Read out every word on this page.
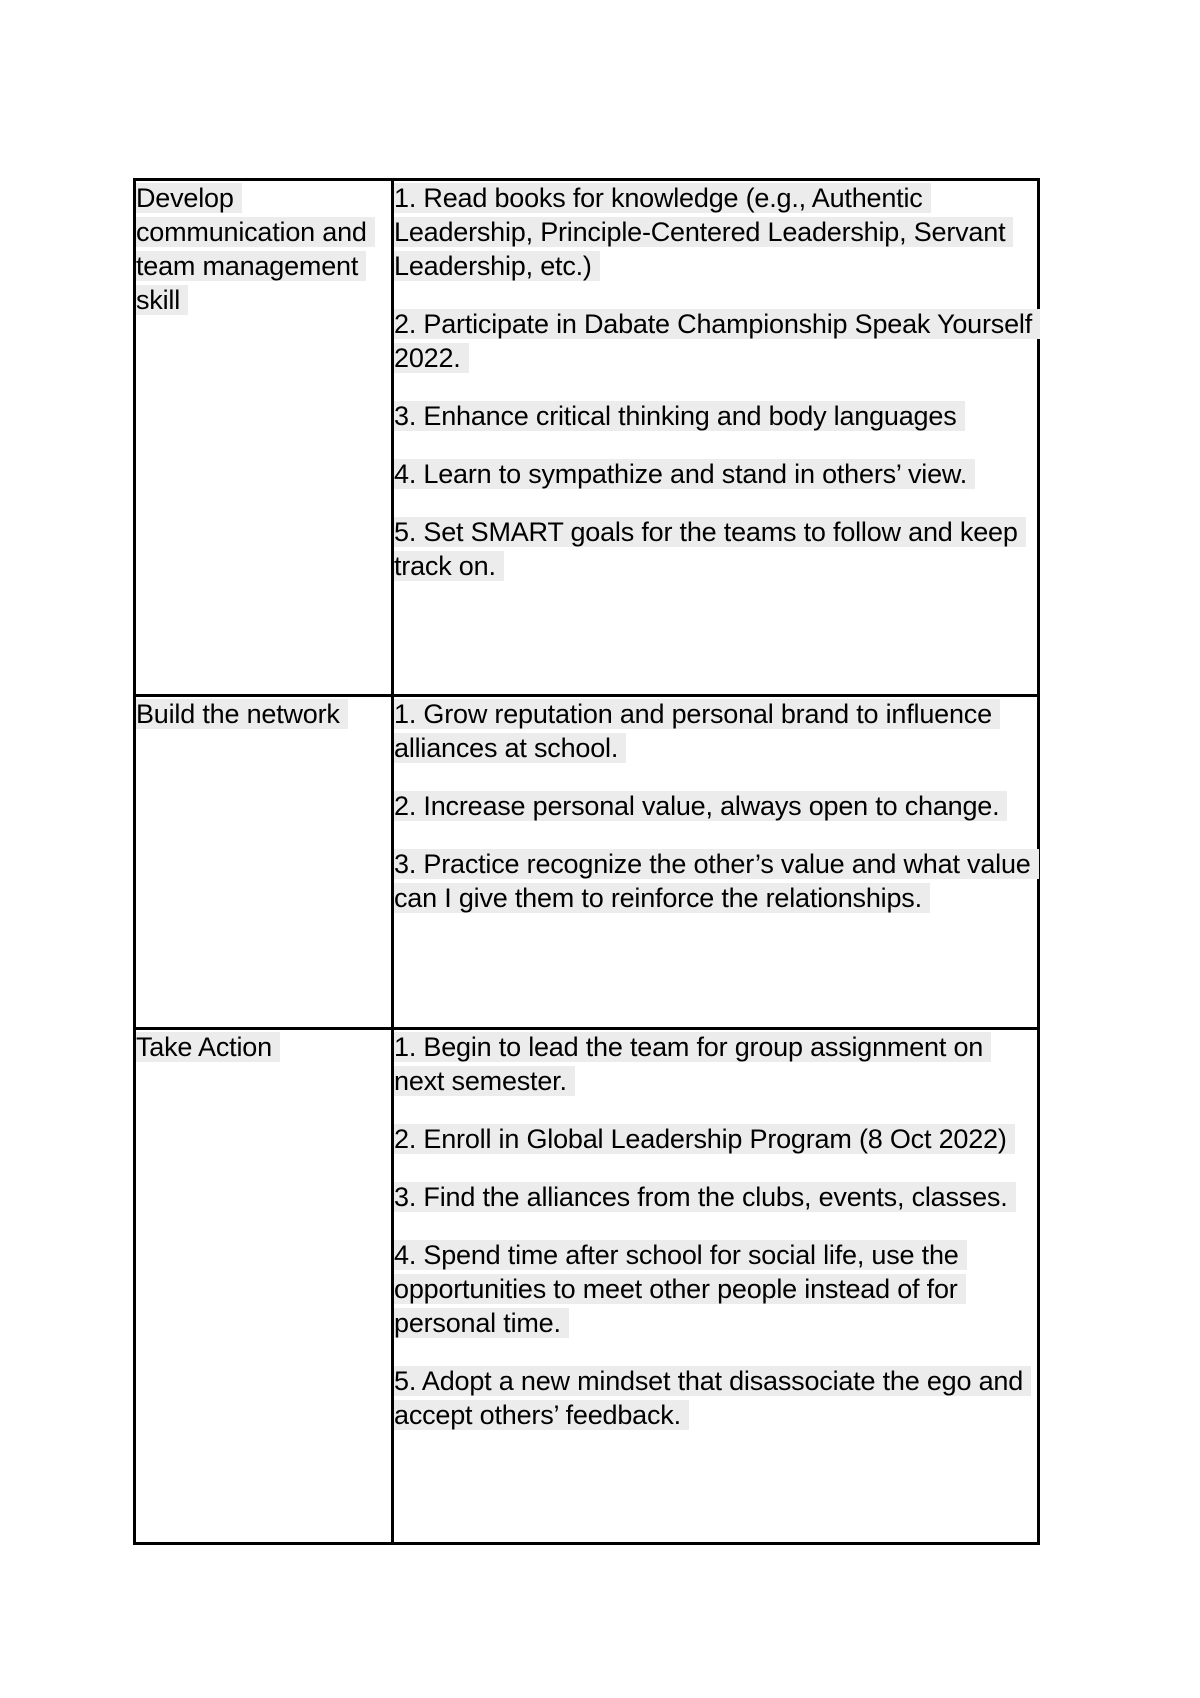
Develop communication and team management skill	1. Read books for knowledge (e.g., Authentic Leadership, Principle-Centered Leadership, Servant Leadership, etc.)

2. Participate in Dabate Championship Speak Yourself 2022.

3. Enhance critical thinking and body languages

4. Learn to sympathize and stand in others’ view.

5. Set SMART goals for the teams to follow and keep track on.

Build the network	1. Grow reputation and personal brand to influence alliances at school.

2. Increase personal value, always open to change.

3. Practice recognize the other’s value and what value can I give them to reinforce the relationships.

Take Action	1. Begin to lead the team for group assignment on next semester.

2. Enroll in Global Leadership Program (8 Oct 2022)

3. Find the alliances from the clubs, events, classes.

4. Spend time after school for social life, use the opportunities to meet other people instead of for personal time.

5. Adopt a new mindset that disassociate the ego and accept others’ feedback.
